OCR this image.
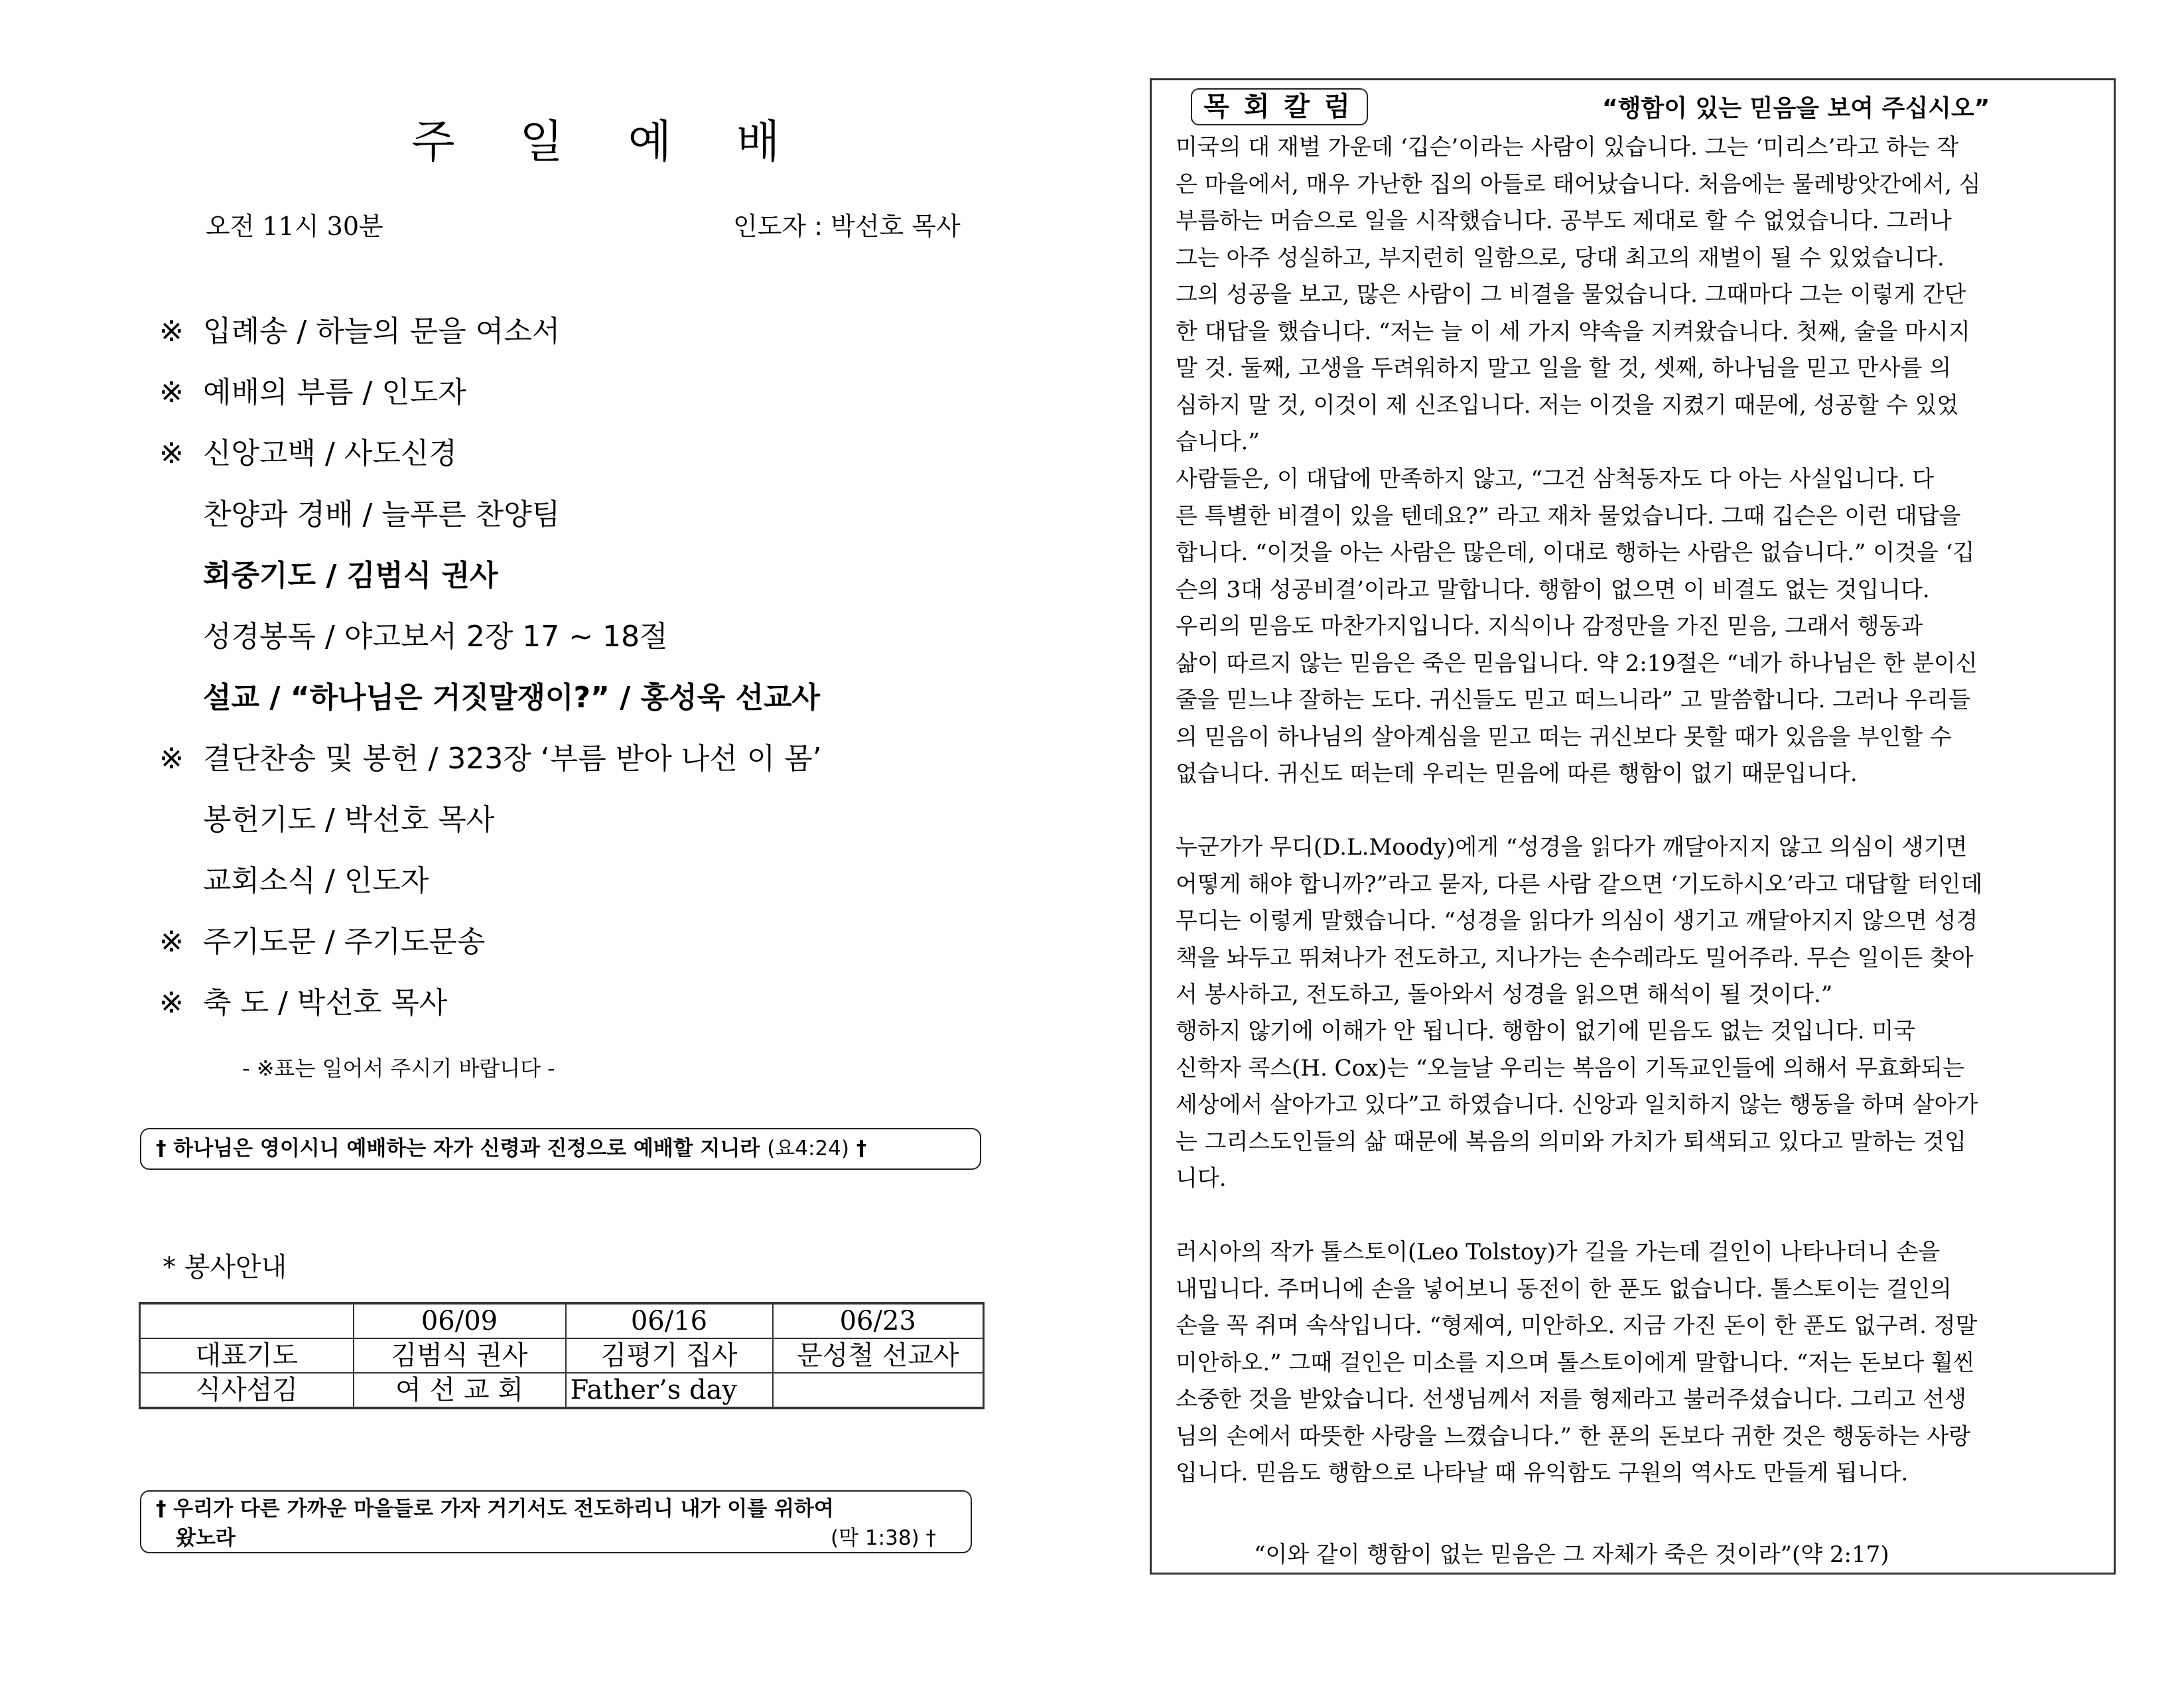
주 일 예 배
오전 11시 30분	인도자 : 박선호 목사
※ 입례송 / 하늘의 문을 여소서
※ 예배의 부름 / 인도자
※ 신앙고백 / 사도신경
찬양과 경배 / 늘푸른 찬양팀
회중기도 / 김범식 권사
성경봉독 / 야고보서 2장 17 ~ 18절
설교 / “하나님은 거짓말쟁이?” / 홍성욱 선교사
※ 결단찬송 및 봉헌 / 323장 ‘부름 받아 나선 이 몸’
봉헌기도 / 박선호 목사
교회소식 / 인도자
※ 주기도문 / 주기도문송
※ 축 도 / 박선호 목사
- ※표는 일어서 주시기 바랍니다 -
† 하나님은 영이시니 예배하는 자가 신령과 진정으로 예배할 지니라 (요4:24) †
* 봉사안내
	06/09	06/16	06/23
대표기도	김범식 권사	김평기 집사	문성철 선교사
식사섬김	여 선 교 회	Father’s day	
† 우리가 다른 가까운 마을들로 가자 거기서도 전도하리니 내가 이를 위하여
왔노라	(막 1:38) †
목회칼럼	“행함이 있는 믿음을 보여 주십시오”
미국의 대 재벌 가운데 ‘깁슨’이라는 사람이 있습니다. 그는 ‘미리스’라고 하는 작
은 마을에서, 매우 가난한 집의 아들로 태어났습니다. 처음에는 물레방앗간에서, 심
부름하는 머슴으로 일을 시작했습니다. 공부도 제대로 할 수 없었습니다. 그러나
그는 아주 성실하고, 부지런히 일함으로, 당대 최고의 재벌이 될 수 있었습니다.
그의 성공을 보고, 많은 사람이 그 비결을 물었습니다. 그때마다 그는 이렇게 간단
한 대답을 했습니다. “저는 늘 이 세 가지 약속을 지켜왔습니다. 첫째, 술을 마시지
말 것. 둘째, 고생을 두려워하지 말고 일을 할 것, 셋째, 하나님을 믿고 만사를 의
심하지 말 것, 이것이 제 신조입니다. 저는 이것을 지켰기 때문에, 성공할 수 있었
습니다.”
사람들은, 이 대답에 만족하지 않고, “그건 삼척동자도 다 아는 사실입니다. 다
른 특별한 비결이 있을 텐데요?” 라고 재차 물었습니다. 그때 깁슨은 이런 대답을
합니다. “이것을 아는 사람은 많은데, 이대로 행하는 사람은 없습니다.” 이것을 ‘깁
슨의 3대 성공비결’이라고 말합니다. 행함이 없으면 이 비결도 없는 것입니다.
우리의 믿음도 마찬가지입니다. 지식이나 감정만을 가진 믿음, 그래서 행동과
삶이 따르지 않는 믿음은 죽은 믿음입니다. 약 2:19절은 “네가 하나님은 한 분이신
줄을 믿느냐 잘하는 도다. 귀신들도 믿고 떠느니라” 고 말씀합니다. 그러나 우리들
의 믿음이 하나님의 살아계심을 믿고 떠는 귀신보다 못할 때가 있음을 부인할 수
없습니다. 귀신도 떠는데 우리는 믿음에 따른 행함이 없기 때문입니다.
누군가가 무디(D.L.Moody)에게 “성경을 읽다가 깨달아지지 않고 의심이 생기면
어떻게 해야 합니까?”라고 묻자, 다른 사람 같으면 ‘기도하시오’라고 대답할 터인데
무디는 이렇게 말했습니다. “성경을 읽다가 의심이 생기고 깨달아지지 않으면 성경
책을 놔두고 뛰쳐나가 전도하고, 지나가는 손수레라도 밀어주라. 무슨 일이든 찾아
서 봉사하고, 전도하고, 돌아와서 성경을 읽으면 해석이 될 것이다.”
행하지 않기에 이해가 안 됩니다. 행함이 없기에 믿음도 없는 것입니다. 미국
신학자 콕스(H. Cox)는 “오늘날 우리는 복음이 기독교인들에 의해서 무효화되는
세상에서 살아가고 있다”고 하였습니다. 신앙과 일치하지 않는 행동을 하며 살아가
는 그리스도인들의 삶 때문에 복음의 의미와 가치가 퇴색되고 있다고 말하는 것입
니다.
러시아의 작가 톨스토이(Leo Tolstoy)가 길을 가는데 걸인이 나타나더니 손을
내밉니다. 주머니에 손을 넣어보니 동전이 한 푼도 없습니다. 톨스토이는 걸인의
손을 꼭 쥐며 속삭입니다. “형제여, 미안하오. 지금 가진 돈이 한 푼도 없구려. 정말
미안하오.” 그때 걸인은 미소를 지으며 톨스토이에게 말합니다. “저는 돈보다 훨씬
소중한 것을 받았습니다. 선생님께서 저를 형제라고 불러주셨습니다. 그리고 선생
님의 손에서 따뜻한 사랑을 느꼈습니다.” 한 푼의 돈보다 귀한 것은 행동하는 사랑
입니다. 믿음도 행함으로 나타날 때 유익함도 구원의 역사도 만들게 됩니다.
“이와 같이 행함이 없는 믿음은 그 자체가 죽은 것이라”(약 2:17)
